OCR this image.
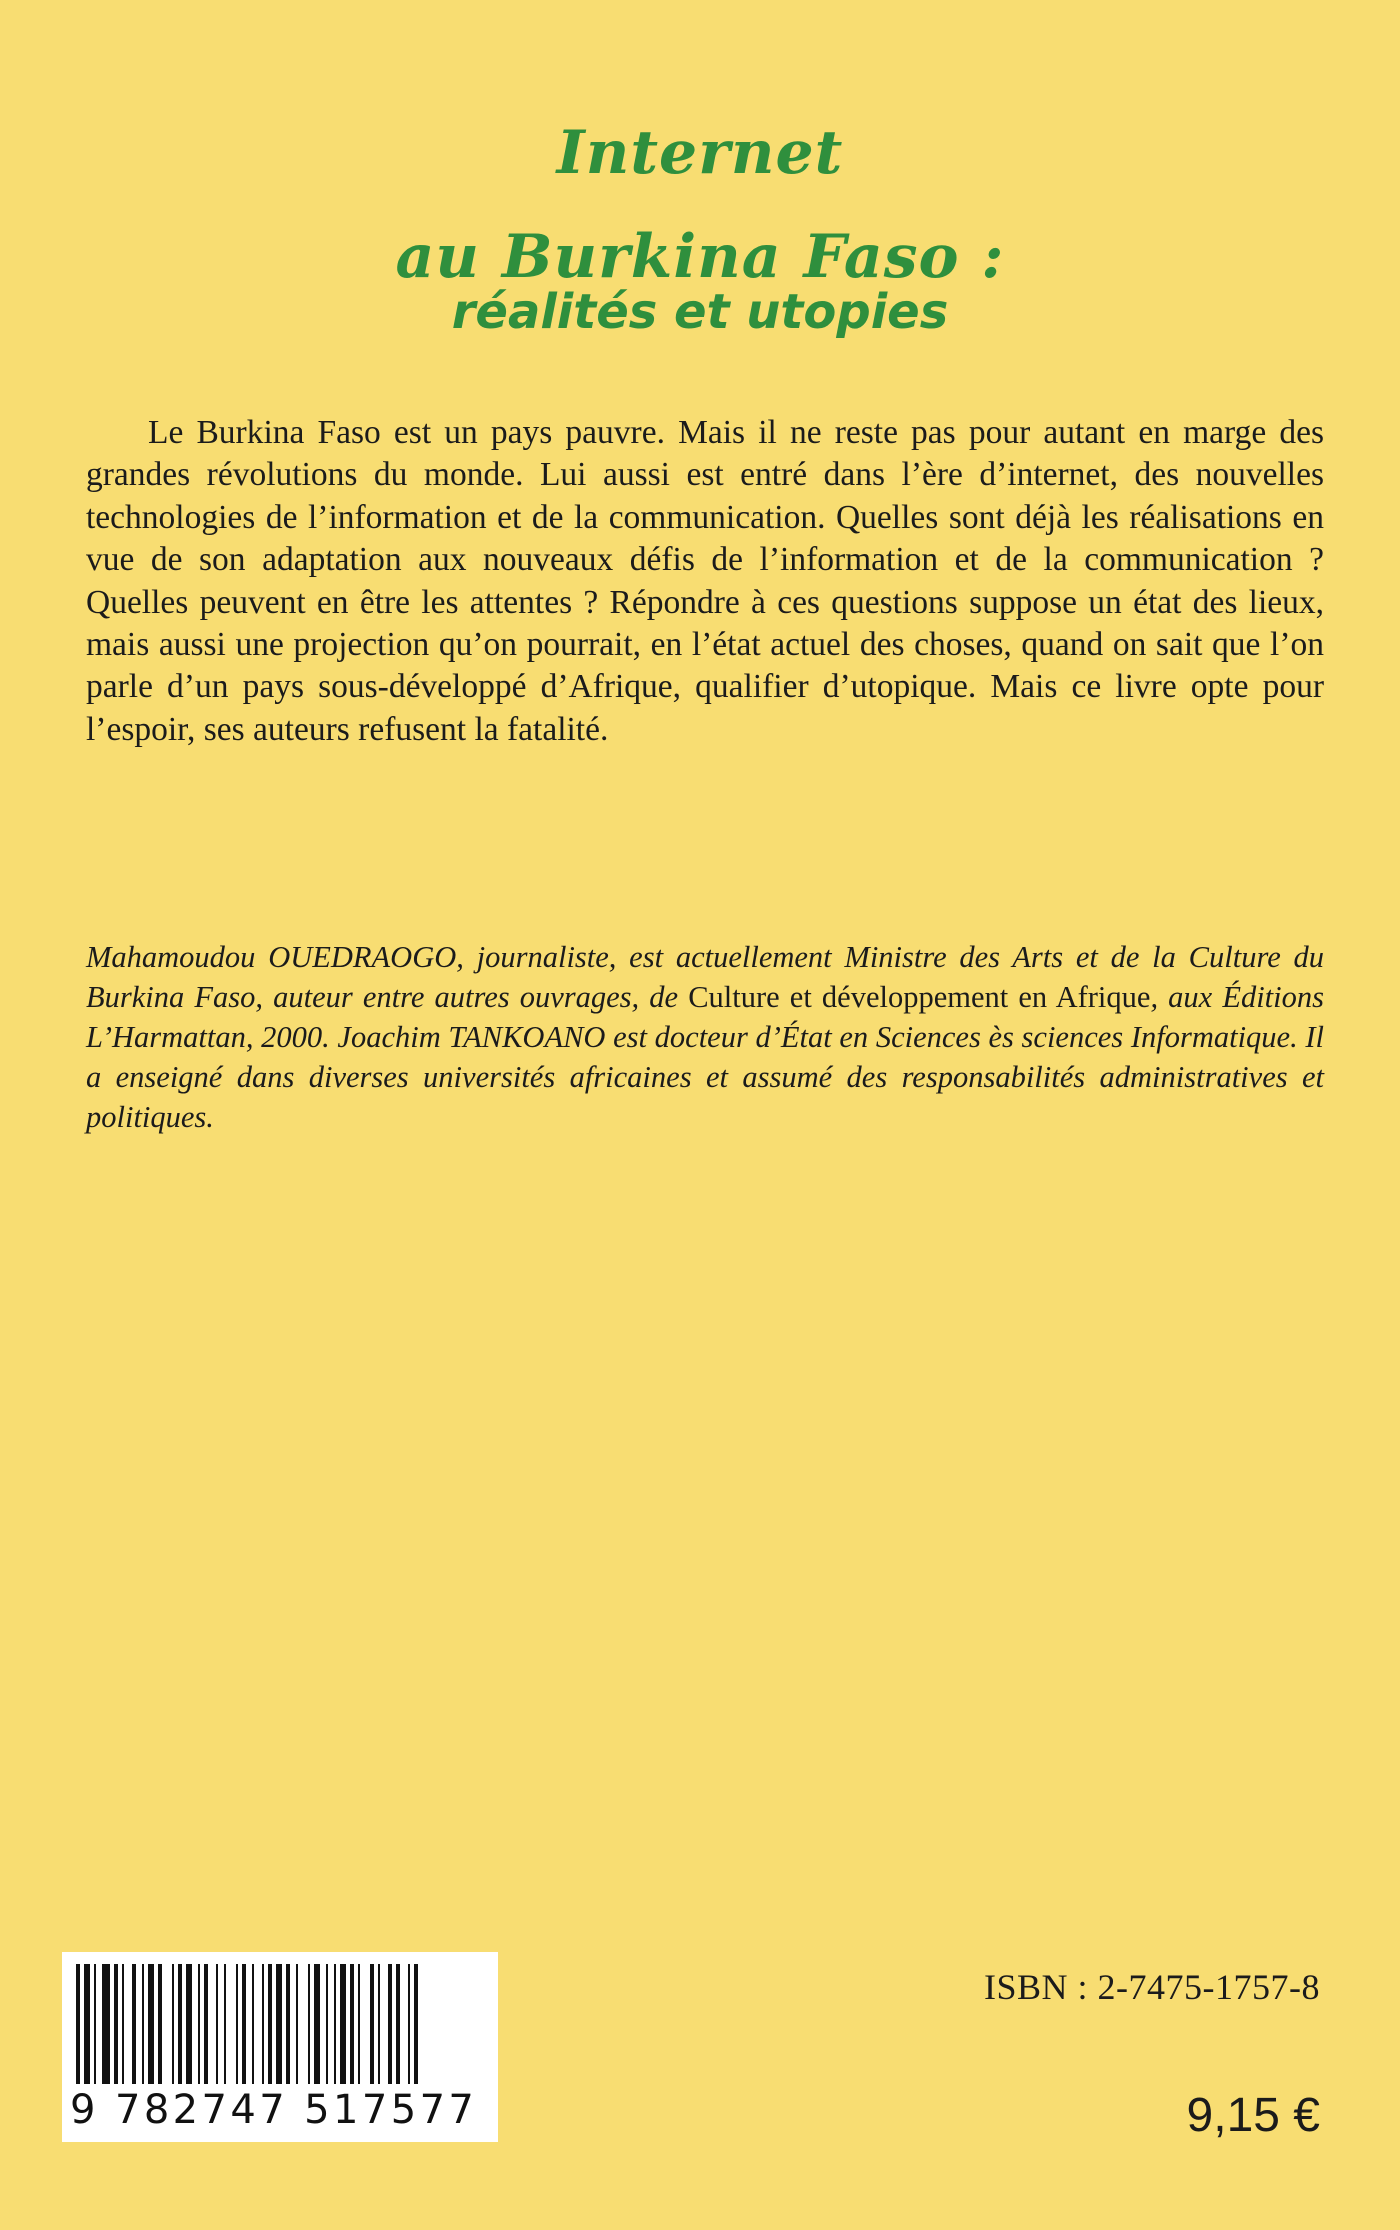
Internet
au Burkina Faso :
réalités et utopies

Le Burkina Faso est un pays pauvre. Mais il ne reste pas pour autant en marge des grandes révolutions du monde. Lui aussi est entré dans l’ère d’internet, des nouvelles technologies de l’information et de la communication. Quelles sont déjà les réalisations en vue de son adaptation aux nouveaux défis de l’information et de la communication ? Quelles peuvent en être les attentes ? Répondre à ces questions suppose un état des lieux, mais aussi une projection qu’on pourrait, en l’état actuel des choses, quand on sait que l’on parle d’un pays sous-développé d’Afrique, qualifier d’utopique. Mais ce livre opte pour l’espoir, ses auteurs refusent la fatalité.

Mahamoudou OUEDRAOGO, journaliste, est actuellement Ministre des Arts et de la Culture du Burkina Faso, auteur entre autres ouvrages, de Culture et développement en Afrique, aux Éditions L’Harmattan, 2000. Joachim TANKOANO est docteur d’État en Sciences ès sciences Informatique. Il a enseigné dans diverses universités africaines et assumé des responsabilités administratives et politiques.

9 782747 517577
ISBN : 2-7475-1757-8
9,15 €
